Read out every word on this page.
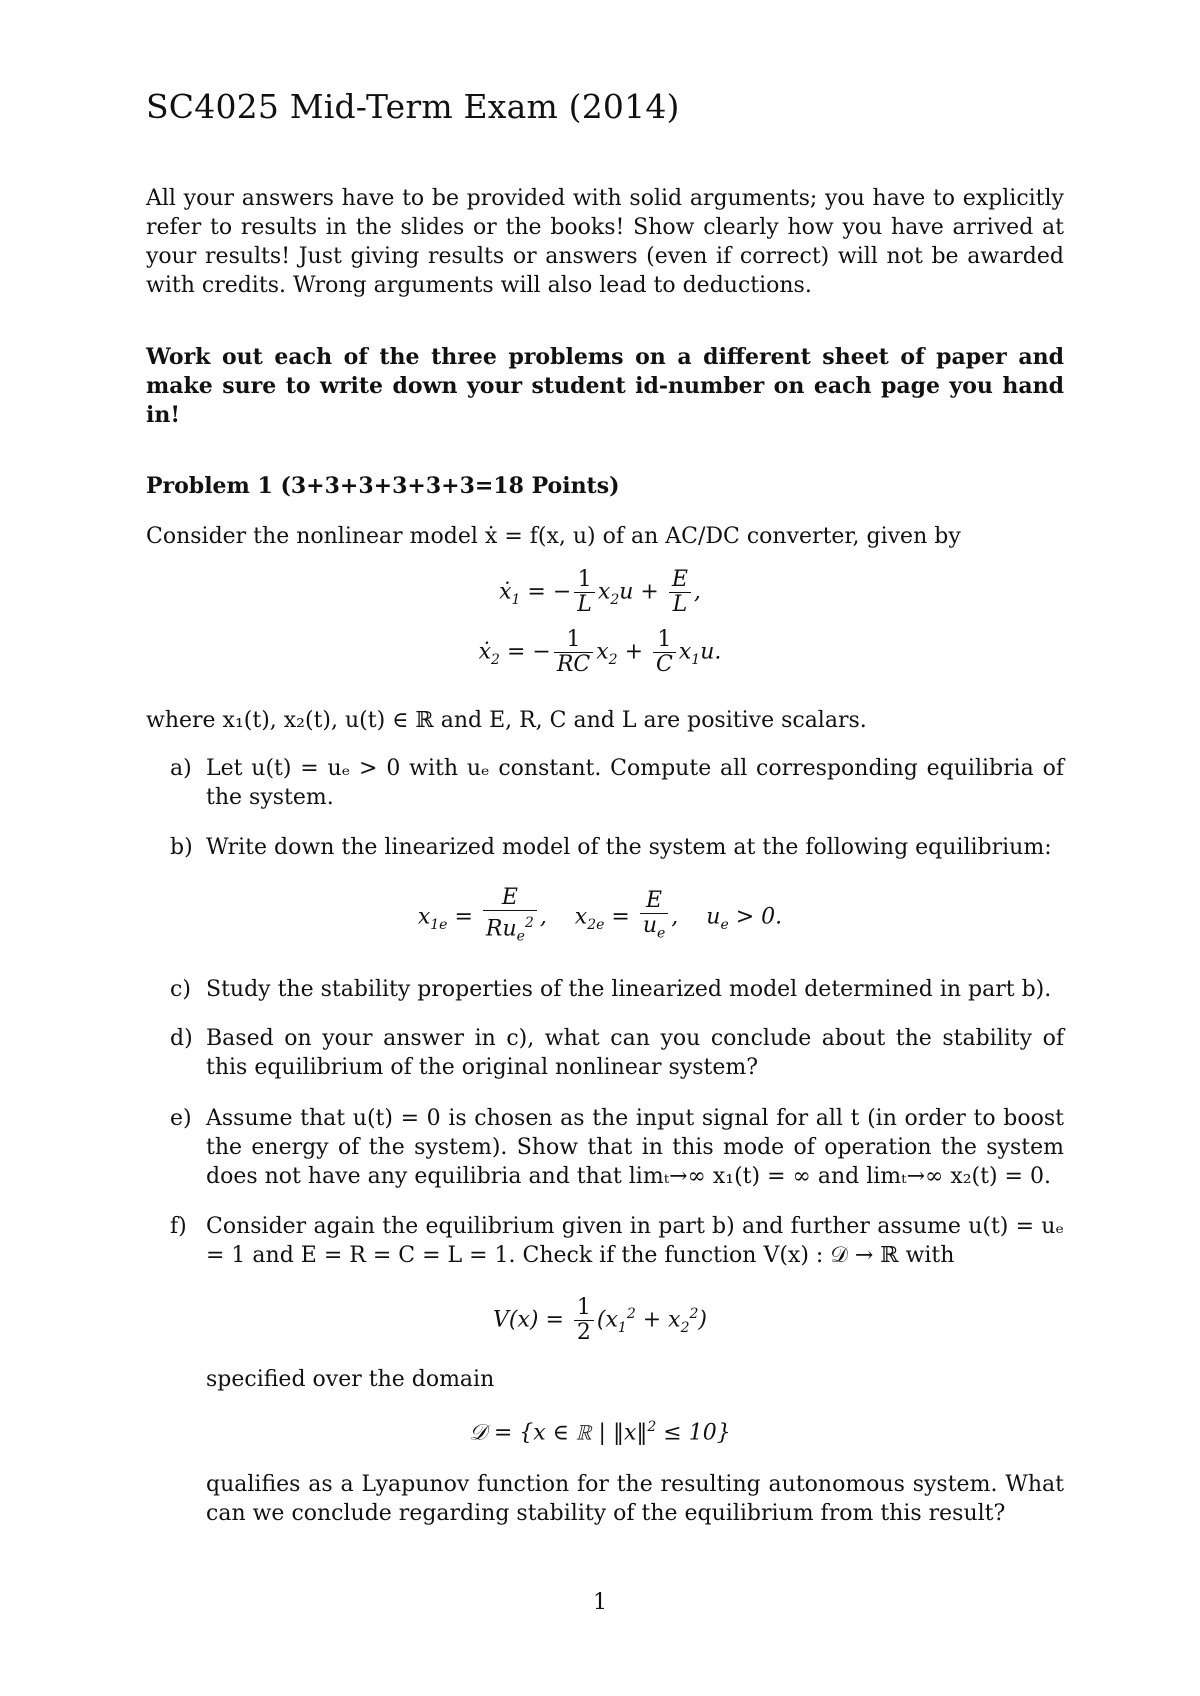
SC4025 Mid-Term Exam (2014)

All your answers have to be provided with solid arguments; you have to explicitly refer to results in the slides or the books! Show clearly how you have arrived at your results! Just giving results or answers (even if correct) will not be awarded with credits. Wrong arguments will also lead to deductions.

Work out each of the three problems on a different sheet of paper and make sure to write down your student id-number on each page you hand in!

Problem 1 (3+3+3+3+3+3=18 Points)

Consider the nonlinear model ẋ = f(x, u) of an AC/DC converter, given by

ẋ$_1$ = − $\frac{1}{L} x_2u + \frac{E}{L}$ ,
ẋ$_2$ = − $\frac{1}{RC} x_2 + \frac{1}{C} x_1u$.

where x₁(t), x₂(t), u(t) ∈ ℝ and E, R, C and L are positive scalars.

a) Let u(t) = uₑ > 0 with uₑ constant. Compute all corresponding equilibria of the system.
b) Write down the linearized model of the system at the following equilibrium:
$x_{1e} = \frac{E}{Ru_e^2}$ ,    $x_{2e} = \frac{E}{u_e}$ ,    $u_e > 0$.
c) Study the stability properties of the linearized model determined in part b).
d) Based on your answer in c), what can you conclude about the stability of this equilibrium of the original nonlinear system?
e) Assume that u(t) = 0 is chosen as the input signal for all t (in order to boost the energy of the system). Show that in this mode of operation the system does not have any equilibria and that limₜ→∞ x₁(t) = ∞ and limₜ→∞ x₂(t) = 0.
f) Consider again the equilibrium given in part b) and further assume u(t) = uₑ = 1 and E = R = C = L = 1. Check if the function V(x) : 𝒟 → ℝ with
$V(x) = \frac{1}{2} (x_1^2 + x_2^2)$

specified over the domain

𝒟 = {x ∈ ℝ | ‖x‖$^2$ ≤ 10}

qualifies as a Lyapunov function for the resulting autonomous system. What can we conclude regarding stability of the equilibrium from this result?

1
